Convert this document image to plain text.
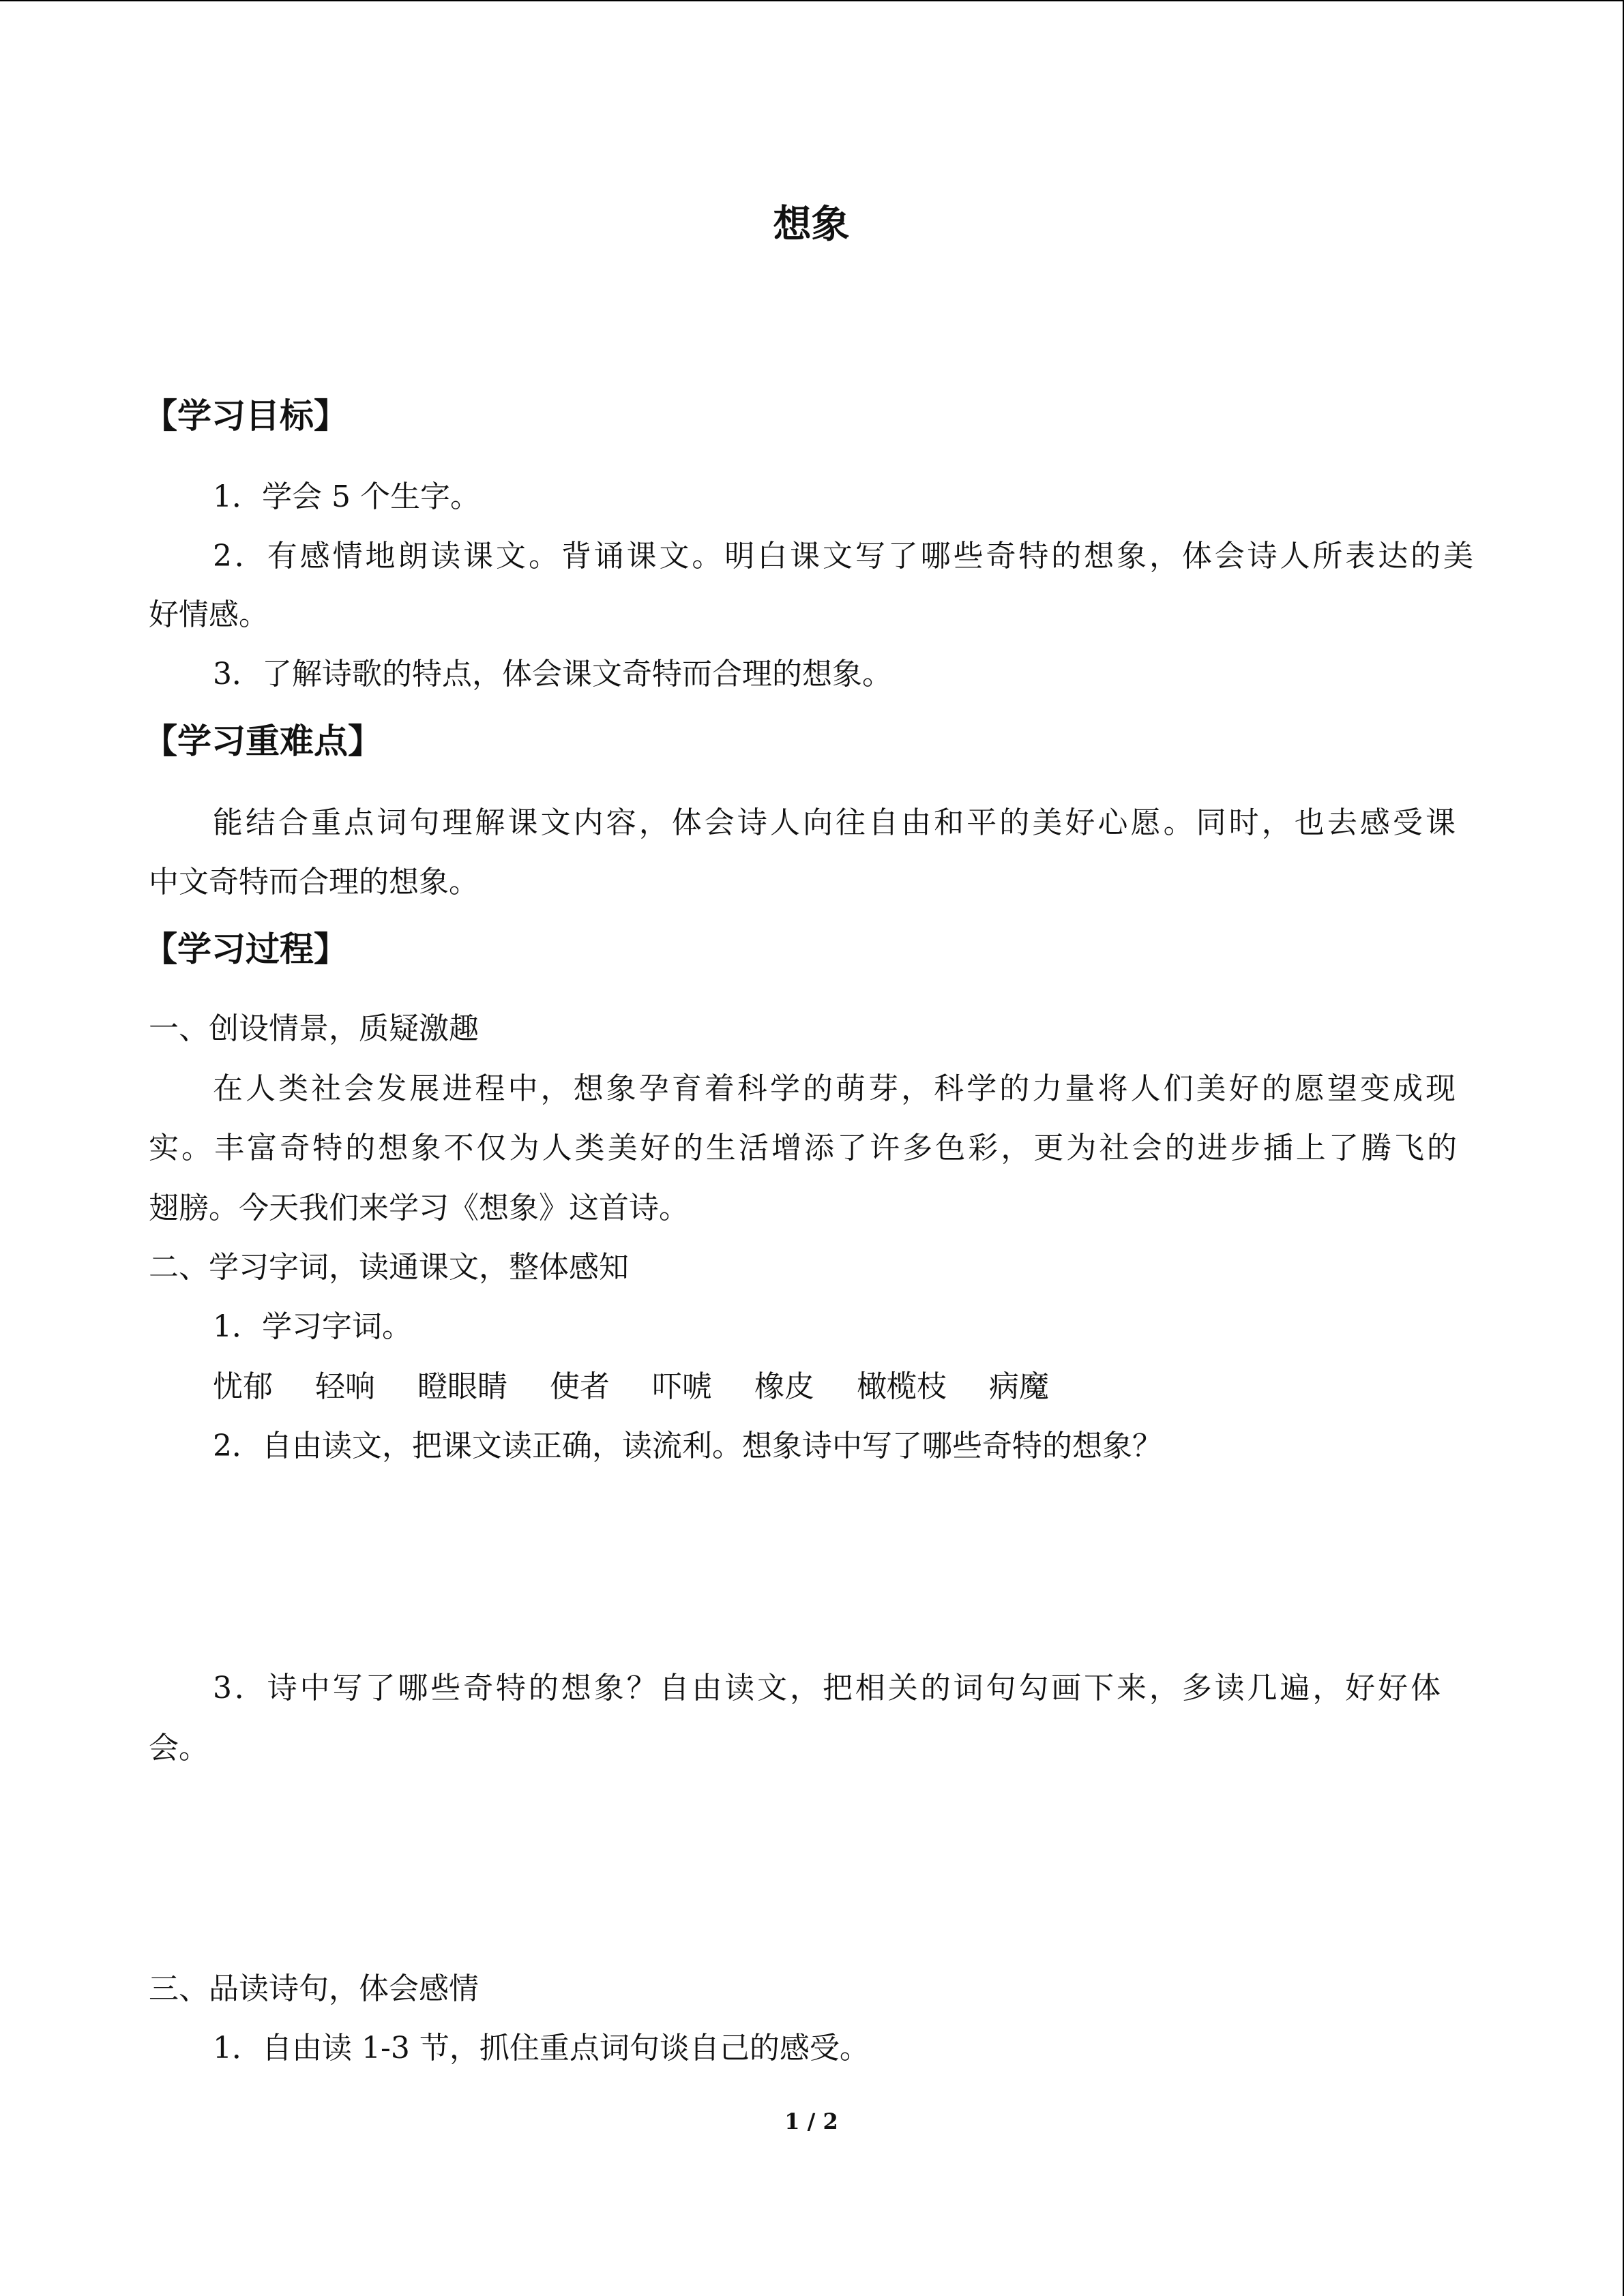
想象
【学习目标】
1．学会 5 个生字。
2．有感情地朗读课文。背诵课文。明白课文写了哪些奇特的想象，体会诗人所表达的美
好情感。
3．了解诗歌的特点，体会课文奇特而合理的想象。
【学习重难点】
能结合重点词句理解课文内容，体会诗人向往自由和平的美好心愿。同时，也去感受课
中文奇特而合理的想象。
【学习过程】
一、创设情景，质疑激趣
在人类社会发展进程中，想象孕育着科学的萌芽，科学的力量将人们美好的愿望变成现
实。丰富奇特的想象不仅为人类美好的生活增添了许多色彩，更为社会的进步插上了腾飞的
翅膀。今天我们来学习《想象》这首诗。
二、学习字词，读通课文，整体感知
1．学习字词。
忧郁 轻响 瞪眼睛 使者 吓唬 橡皮 橄榄枝 病魔
2．自由读文，把课文读正确，读流利。想象诗中写了哪些奇特的想象？
3．诗中写了哪些奇特的想象？自由读文，把相关的词句勾画下来，多读几遍，好好体
会。
三、品读诗句，体会感情
1．自由读 1-3 节，抓住重点词句谈自己的感受。
1 / 2
